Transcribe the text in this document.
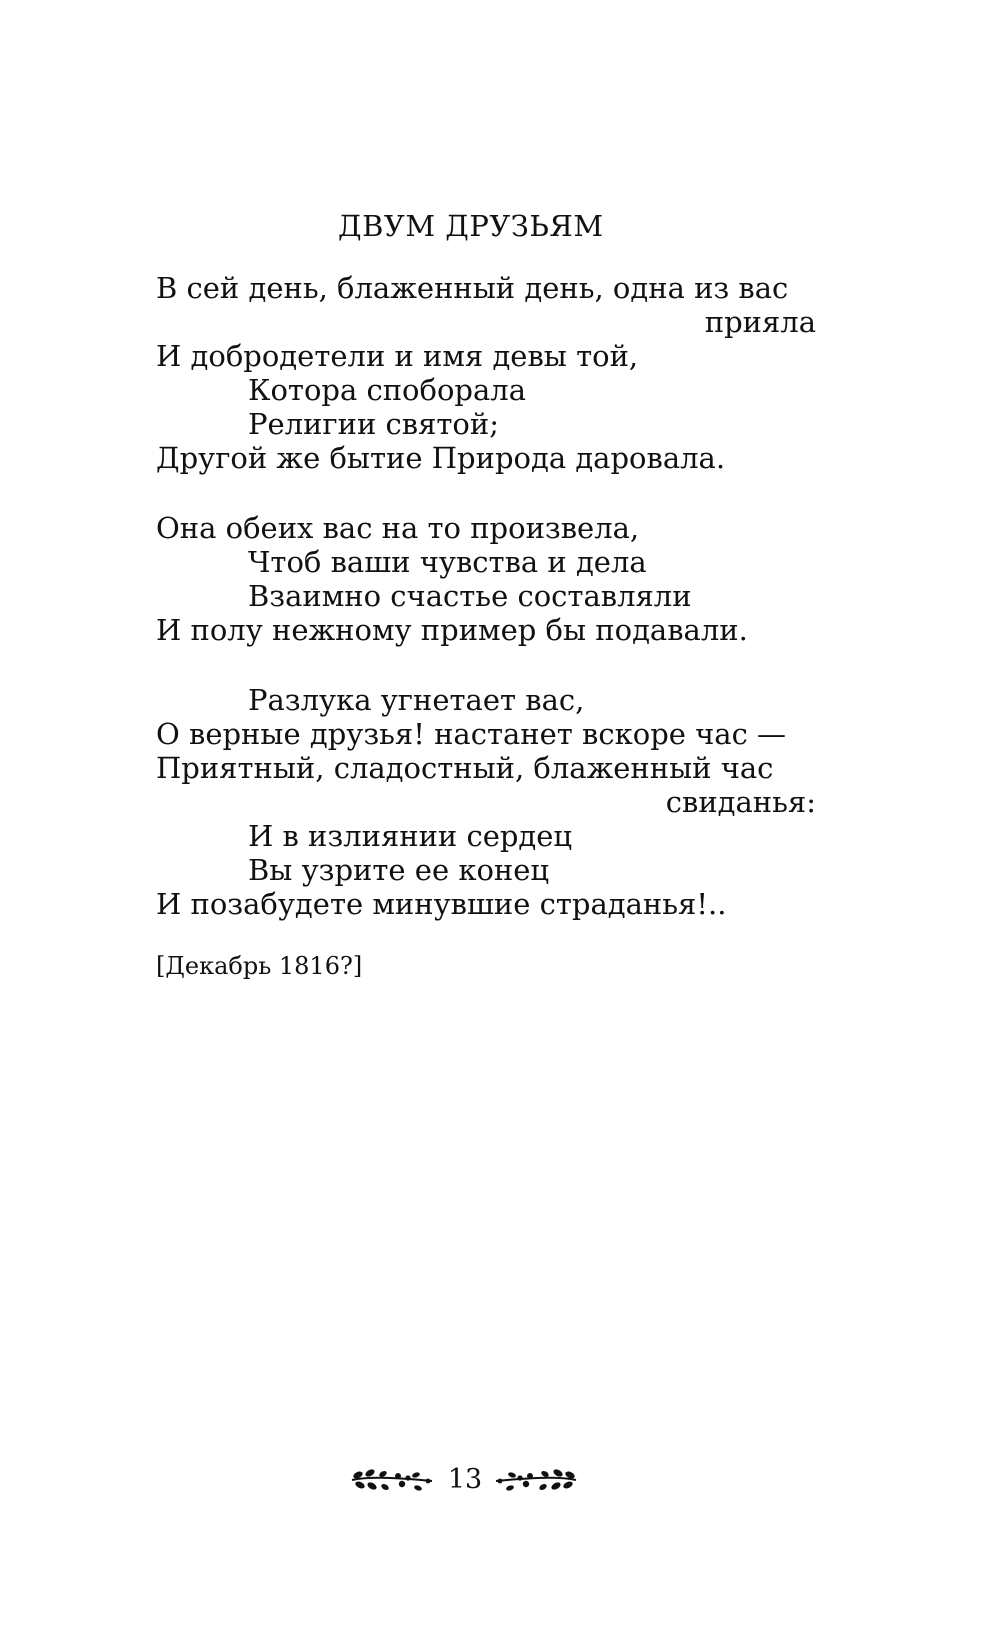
ДВУМ ДРУЗЬЯМ
В сей день, блаженный день, одна из вас
прияла
И добродетели и имя девы той,
Котора споборала
Религии святой;
Другой же бытие Природа даровала.
Она обеих вас на то произвела,
Чтоб ваши чувства и дела
Взаимно счастье составляли
И полу нежному пример бы подавали.
Разлука угнетает вас,
О верные друзья! настанет вскоре час —
Приятный, сладостный, блаженный час
свиданья:
И в излиянии сердец
Вы узрите ее конец
И позабудете минувшие страданья!..
[Декабрь 1816?]
13
